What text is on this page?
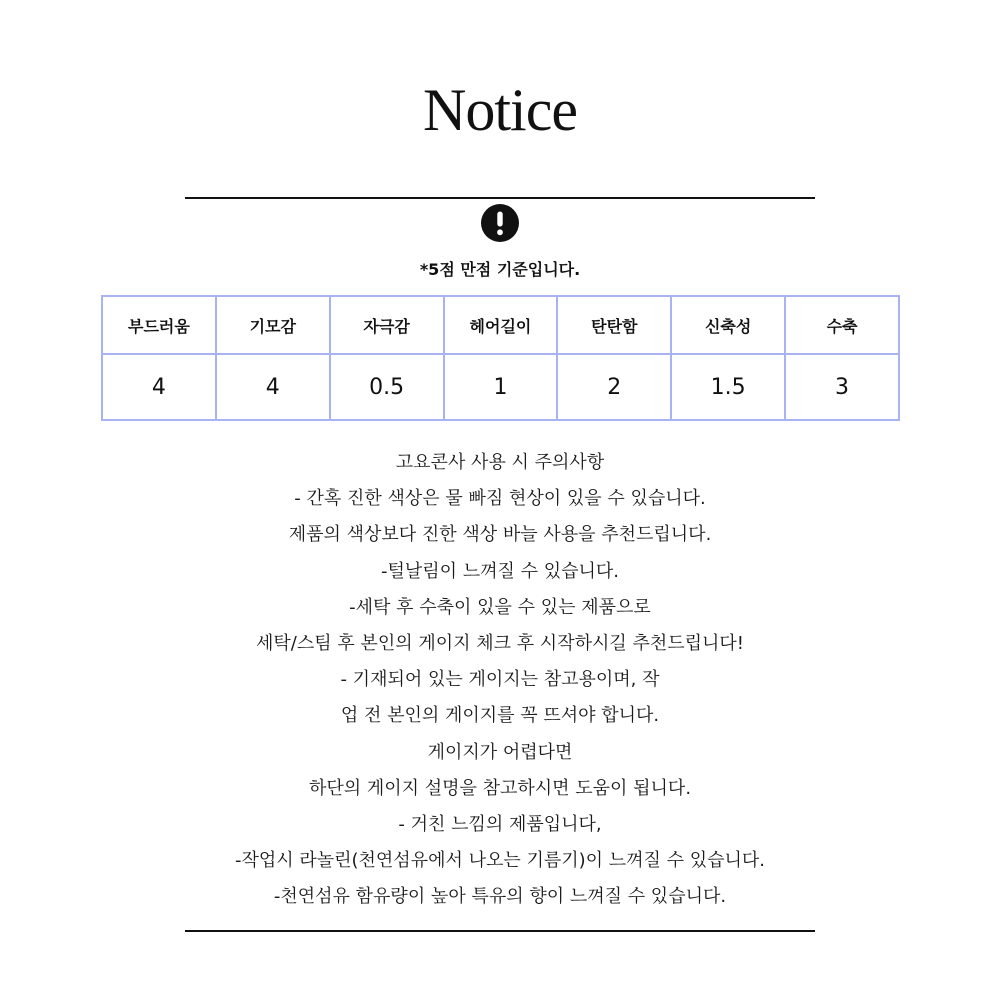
Notice
*5점 만점 기준입니다.
부드러움	기모감	자극감	헤어길이	탄탄함	신축성	수축
4	4	0.5	1	2	1.5	3
고요콘사 사용 시 주의사항
- 간혹 진한 색상은 물 빠짐 현상이 있을 수 있습니다.
제품의 색상보다 진한 색상 바늘 사용을 추천드립니다.
-털날림이 느껴질 수 있습니다.
-세탁 후 수축이 있을 수 있는 제품으로
세탁/스팀 후 본인의 게이지 체크 후 시작하시길 추천드립니다!
- 기재되어 있는 게이지는 참고용이며, 작
업 전 본인의 게이지를 꼭 뜨셔야 합니다.
게이지가 어렵다면
하단의 게이지 설명을 참고하시면 도움이 됩니다.
- 거친 느낌의 제품입니다,
-작업시 라놀린(천연섬유에서 나오는 기름기)이 느껴질 수 있습니다.
-천연섬유 함유량이 높아 특유의 향이 느껴질 수 있습니다.
